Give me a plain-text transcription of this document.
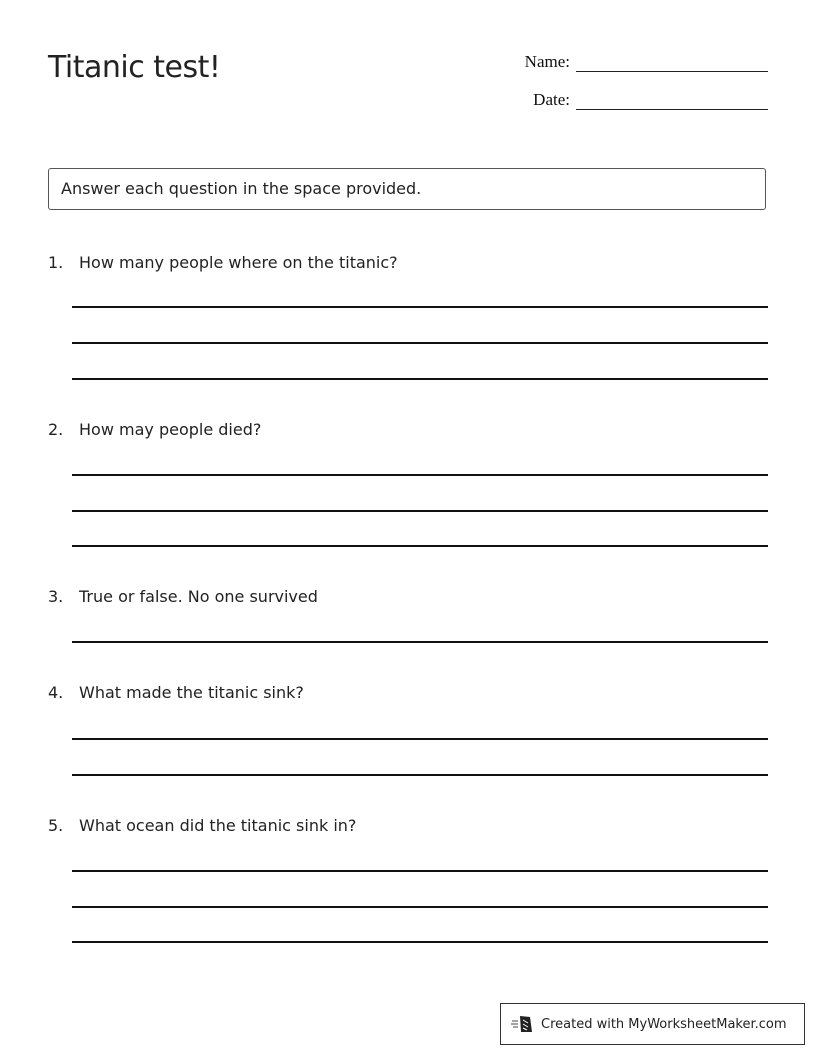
Titanic test!	Name:
Date:
Answer each question in the space provided.
1. How many people where on the titanic?
2. How may people died?
3. True or false. No one survived
4. What made the titanic sink?
5. What ocean did the titanic sink in?
Created with MyWorksheetMaker.com
